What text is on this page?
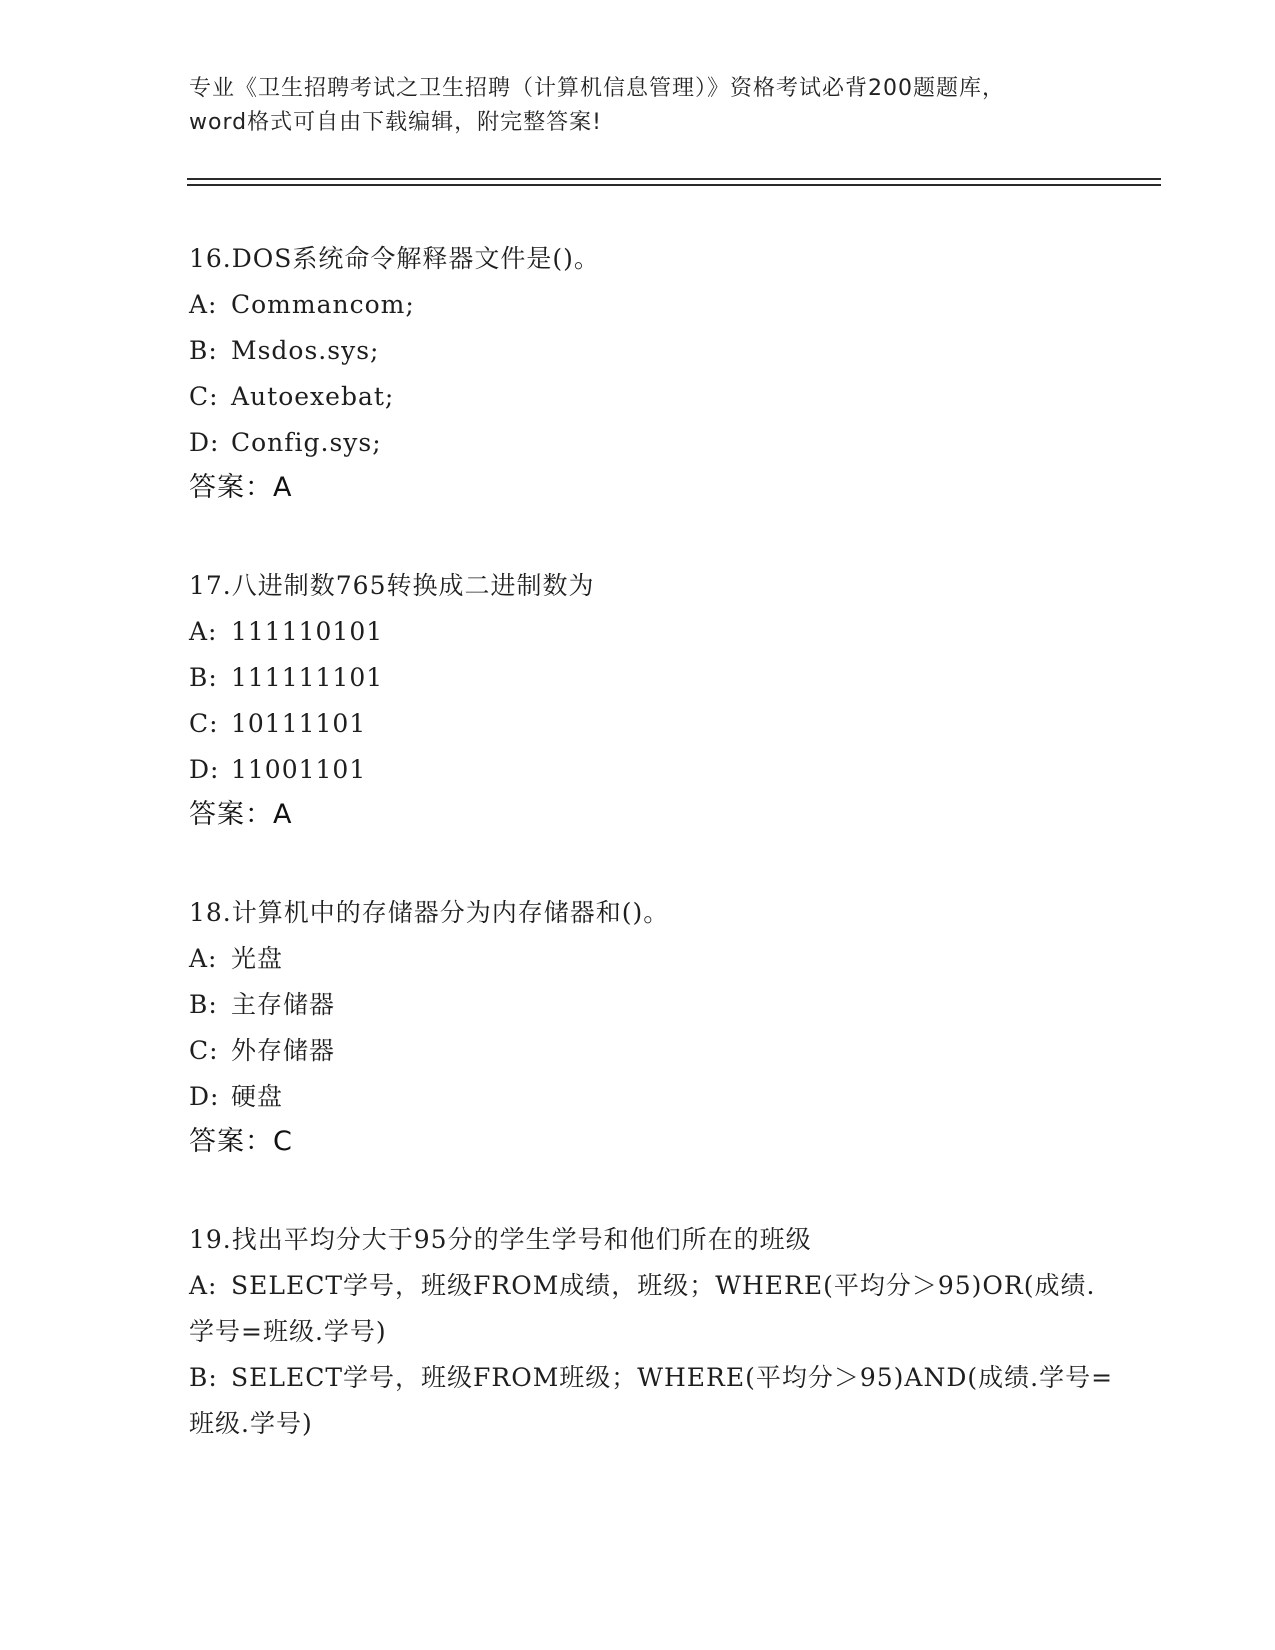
专业《卫生招聘考试之卫生招聘（计算机信息管理）》资格考试必背200题题库，
word格式可自由下载编辑，附完整答案!
16.DOS系统命令解释器文件是()。
A: Commancom;
B: Msdos.sys;
C: Autoexebat;
D: Config.sys;
答案：A
17.八进制数765转换成二进制数为
A: 111110101
B: 111111101
C: 10111101
D: 11001101
答案：A
18.计算机中的存储器分为内存储器和()。
A: 光盘
B: 主存储器
C: 外存储器
D: 硬盘
答案：C
19.找出平均分大于95分的学生学号和他们所在的班级
A: SELECT学号，班级FROM成绩，班级；WHERE(平均分＞95)OR(成绩.
学号=班级.学号)
B: SELECT学号，班级FROM班级；WHERE(平均分＞95)AND(成绩.学号=
班级.学号)
